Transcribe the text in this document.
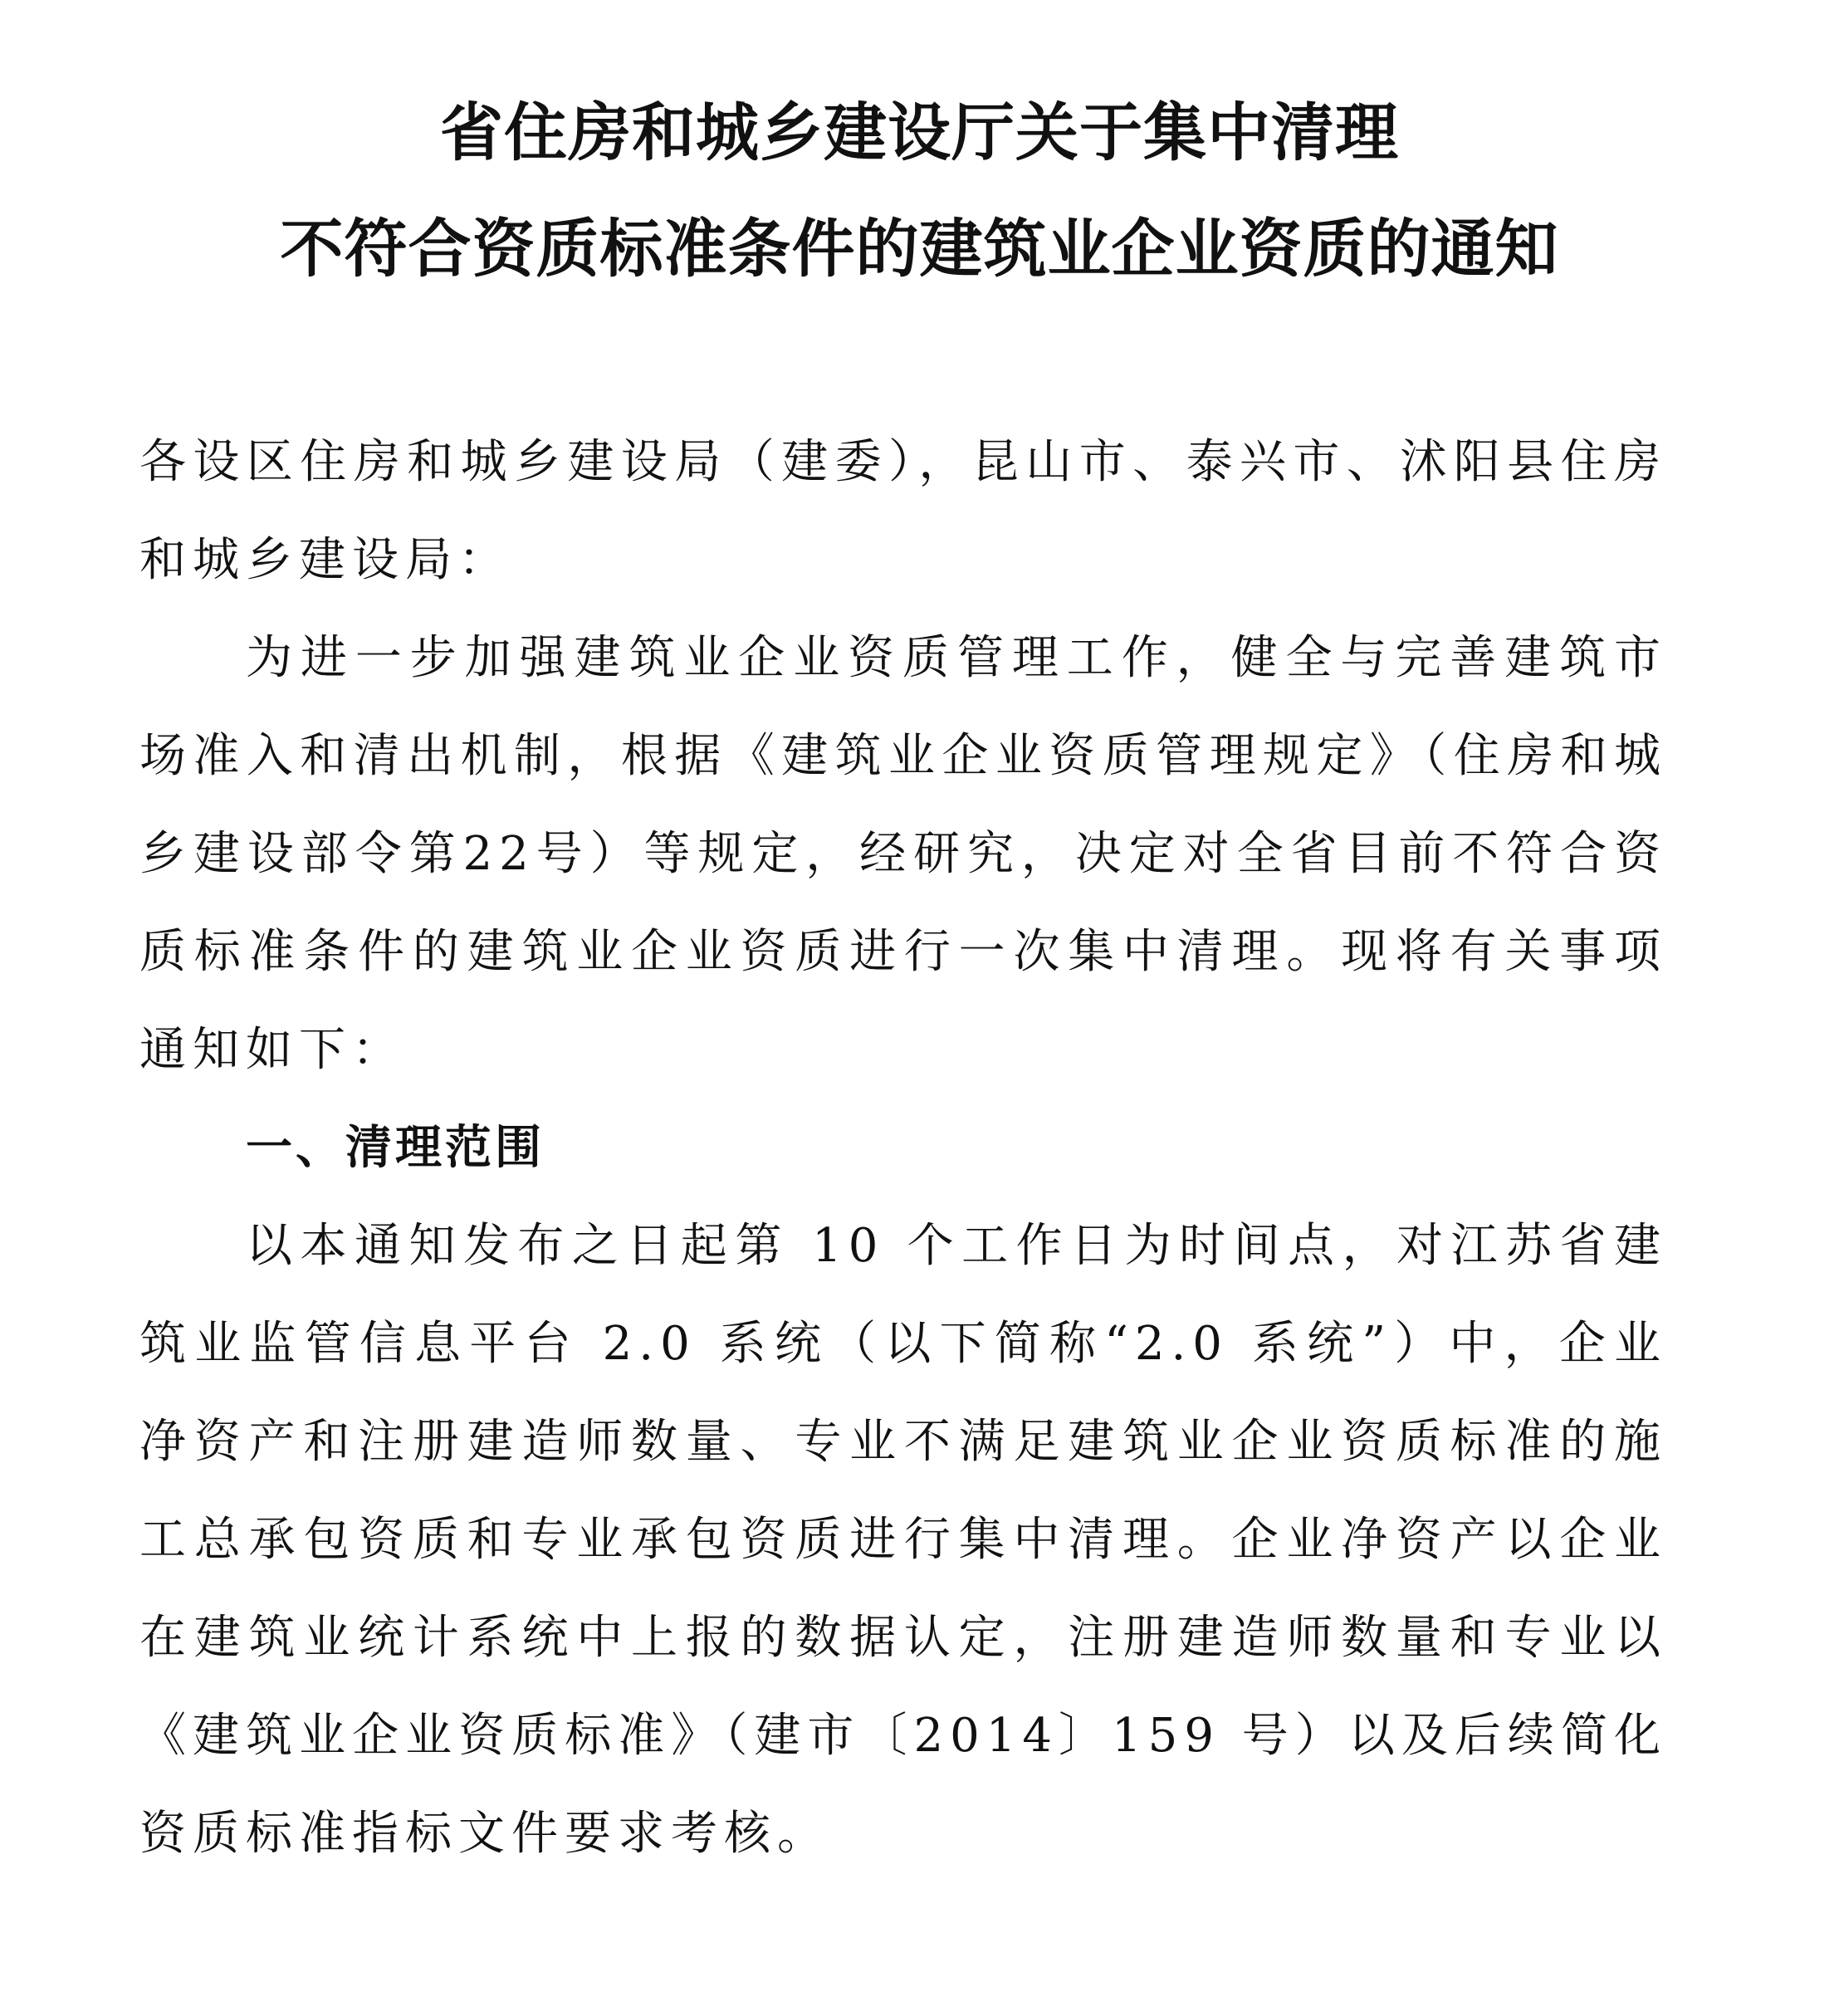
省住房和城乡建设厅关于集中清理
不符合资质标准条件的建筑业企业资质的通知

各设区住房和城乡建设局（建委），昆山市、泰兴市、沭阳县住房和城乡建设局：

为进一步加强建筑业企业资质管理工作，健全与完善建筑市场准入和清出机制，根据《建筑业企业资质管理规定》（住房和城乡建设部令第22号）等规定，经研究，决定对全省目前不符合资质标准条件的建筑业企业资质进行一次集中清理。现将有关事项通知如下：

一、清理范围

以本通知发布之日起第 10 个工作日为时间点，对江苏省建筑业监管信息平台 2.0 系统（以下简称“2.0 系统”）中，企业净资产和注册建造师数量、专业不满足建筑业企业资质标准的施工总承包资质和专业承包资质进行集中清理。企业净资产以企业在建筑业统计系统中上报的数据认定，注册建造师数量和专业以《建筑业企业资质标准》（建市〔2014〕159 号）以及后续简化资质标准指标文件要求考核。
